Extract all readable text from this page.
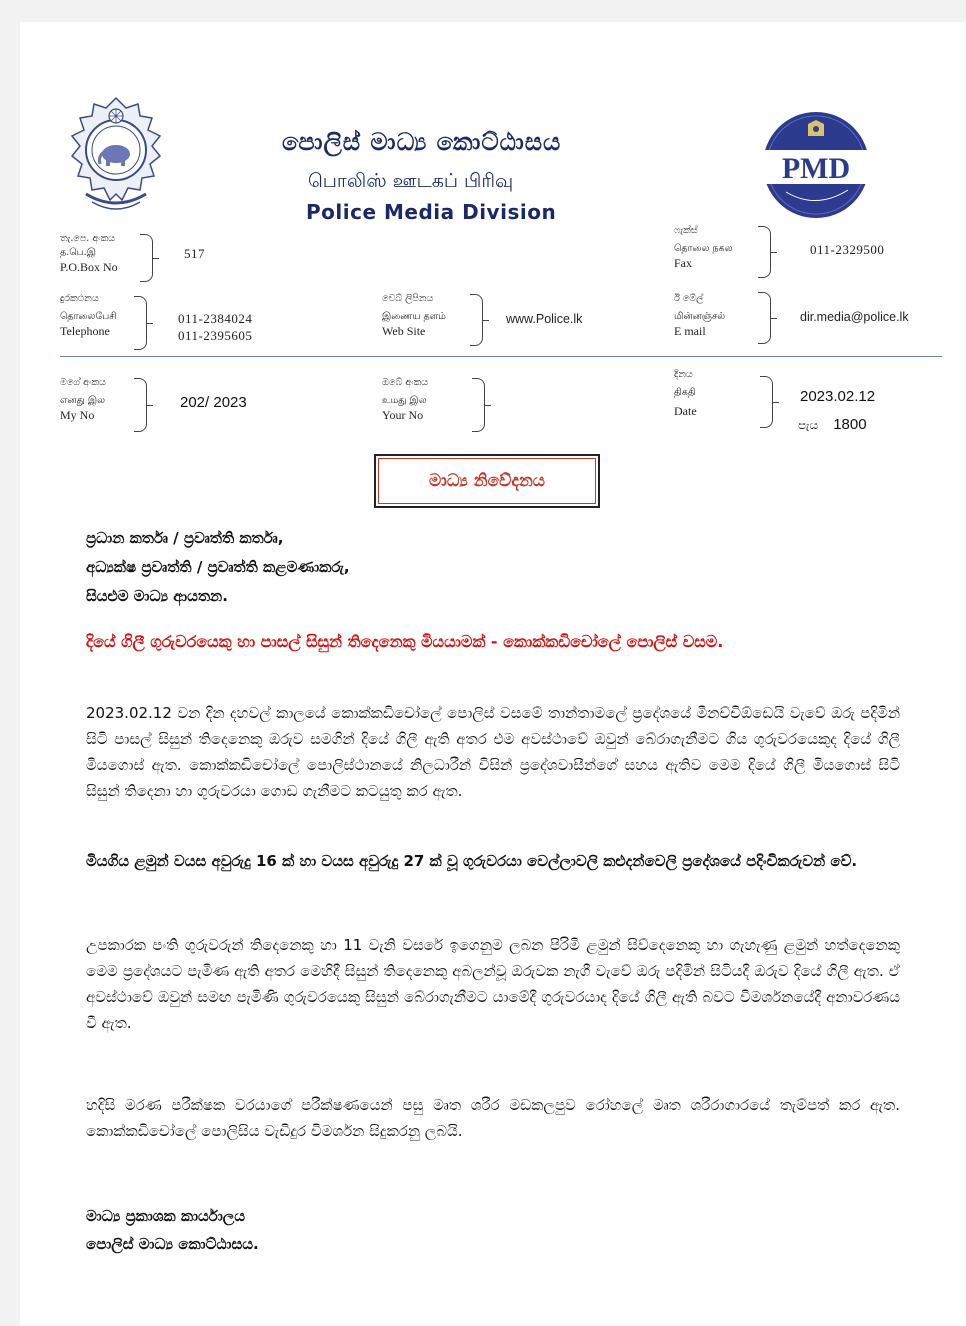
පොලිස් මාධ්‍ය කොට්ඨාසය
பொலிஸ் ஊடகப் பிரிவு
Police Media Division
PMD
තැ.පෙ. අංකය
த.பெ.இ
P.O.Box No
517
ෆැක්ස්
தொலை நகல
Fax
011-2329500
දුරකථනය
தொலைபேசி
Telephone
011-2384024
011-2395605
වෙබ් ලිපිනය
இணைய தளம்
Web Site
www.Police.lk
ඊ මේල්
மின்னஞ்சல்
E mail
dir.media@police.lk
මගේ අංකය
எனது இல
My No
202/ 2023
ඔබේ අංකය
உமது இல
Your No
දිනය
திகதி
Date
2023.02.12
පැය 1800
මාධ්‍ය නිවේදනය
ප්‍රධාන කර්තෘ / ප්‍රවෘත්ති කර්තෘ,
අධ්‍යක්ෂ ප්‍රවෘත්ති / ප්‍රවෘත්ති කළමණාකරු,
සියළුම මාධ්‍ය ආයතන.
දියේ ගිලී ගුරුවරයෙකු හා පාසල් සිසුන් තිදෙනෙකු මියයාමක් - කොක්කඩිචෝලේ පොලිස් වසම.
2023.02.12 වන දින දහවල් කාලයේ කොක්කඩිචෝලේ පොලිස් වසමේ තාන්තාමලේ ප්‍රදේශයේ මීනච්චිඕඩෙයි වැවේ ඔරු පදිමින් සිටි පාසල් සිසුන් තිදෙනෙකු ඔරුව සමගින් දියේ ගිලී ඇති අතර එම අවස්ථාවේ ඔවුන් බේරාගැනීමට ගිය ගුරුවරයෙකුද දියේ ගිලී මියගොස් ඇත. කොක්කඩිචෝලේ පොලිස්ථානයේ නිලධාරීන් විසින් ප්‍රදේශවාසීන්ගේ සහය ඇතිව මෙම දියේ ගිලී මියගොස් සිටි සිසුන් තිදෙනා හා ගුරුවරයා ගොඩ ගැනීමට කටයුතු කර ඇත.
මියගිය ළමුන් වයස අවුරුදු 16 ක් හා වයස අවුරුදු 27 ක් වූ ගුරුවරයා වෙල්ලාවලි කළුදන්වෙලි ප්‍රදේශයේ පදිංචිකරුවන් වේ.
උපකාරක පංති ගුරුවරුන් තිදෙනෙකු හා 11 වැනි වසරේ ඉගෙනුම ලබන පිරිමි ළමුන් සිව්දෙනෙකු හා ගැහැණු ළමුන් හත්දෙනෙකු මෙම ප්‍රදේශයට පැමිණ ඇති අතර මෙහිදී සිසුන් තිදෙනෙකු අබලන්වූ ඔරුවක නැගී වැවේ ඔරු පදිමින් සිටියදී ඔරුව දියේ ගිලී ඇත. ඒ අවස්ථාවේ ඔවුන් සමඟ පැමිණි ගුරුවරයෙකු සිසුන් බේරාගැනීමට යාමේදී ගුරුවරයාද දියේ ගිලී ඇති බවට විමර්ශනයේදී අනාවරණය වී ඇත.
හදිසි මරණ පරීක්ෂක වරයාගේ පරීක්ෂණයෙන් පසු මෘත ශරීර මඩකලපුව රෝහලේ මෘත ශරීරාගාරයේ තැම්පත් කර ඇත. කොක්කඩිචෝලේ පොලිසිය වැඩිදුර විමර්ශන සිදුකරනු ලබයි.
මාධ්‍ය ප්‍රකාශක කාර්යාලය
පොලිස් මාධ්‍ය කොට්ඨාසය.
